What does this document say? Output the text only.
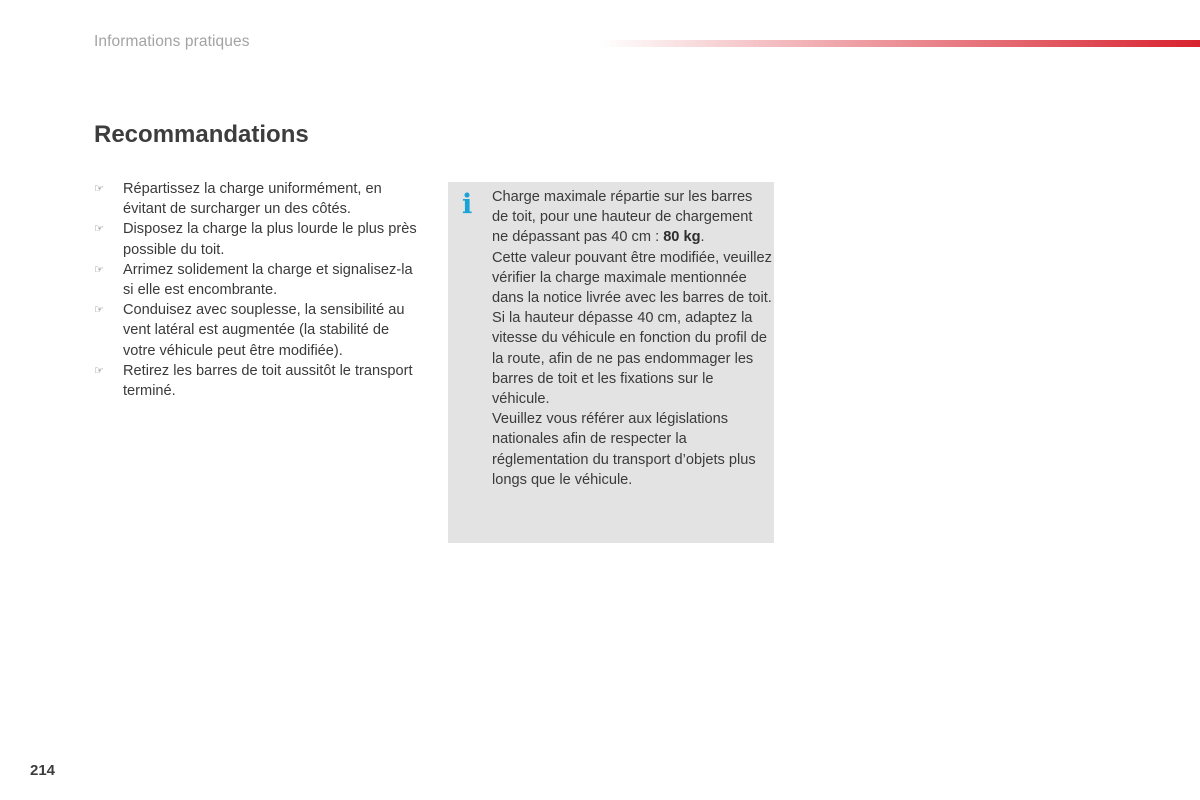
Informations pratiques
Recommandations
☞ Répartissez la charge uniformément, en évitant de surcharger un des côtés.
☞ Disposez la charge la plus lourde le plus près possible du toit.
☞ Arrimez solidement la charge et signalisez-la si elle est encombrante.
☞ Conduisez avec souplesse, la sensibilité au vent latéral est augmentée (la stabilité de votre véhicule peut être modifiée).
☞ Retirez les barres de toit aussitôt le transport terminé.
i Charge maximale répartie sur les barres de toit, pour une hauteur de chargement ne dépassant pas 40 cm : 80 kg.

Cette valeur pouvant être modifiée, veuillez vérifier la charge maximale mentionnée dans la notice livrée avec les barres de toit.

Si la hauteur dépasse 40 cm, adaptez la vitesse du véhicule en fonction du profil de la route, afin de ne pas endommager les barres de toit et les fixations sur le véhicule.

Veuillez vous référer aux législations nationales afin de respecter la réglementation du transport d’objets plus longs que le véhicule.

214
